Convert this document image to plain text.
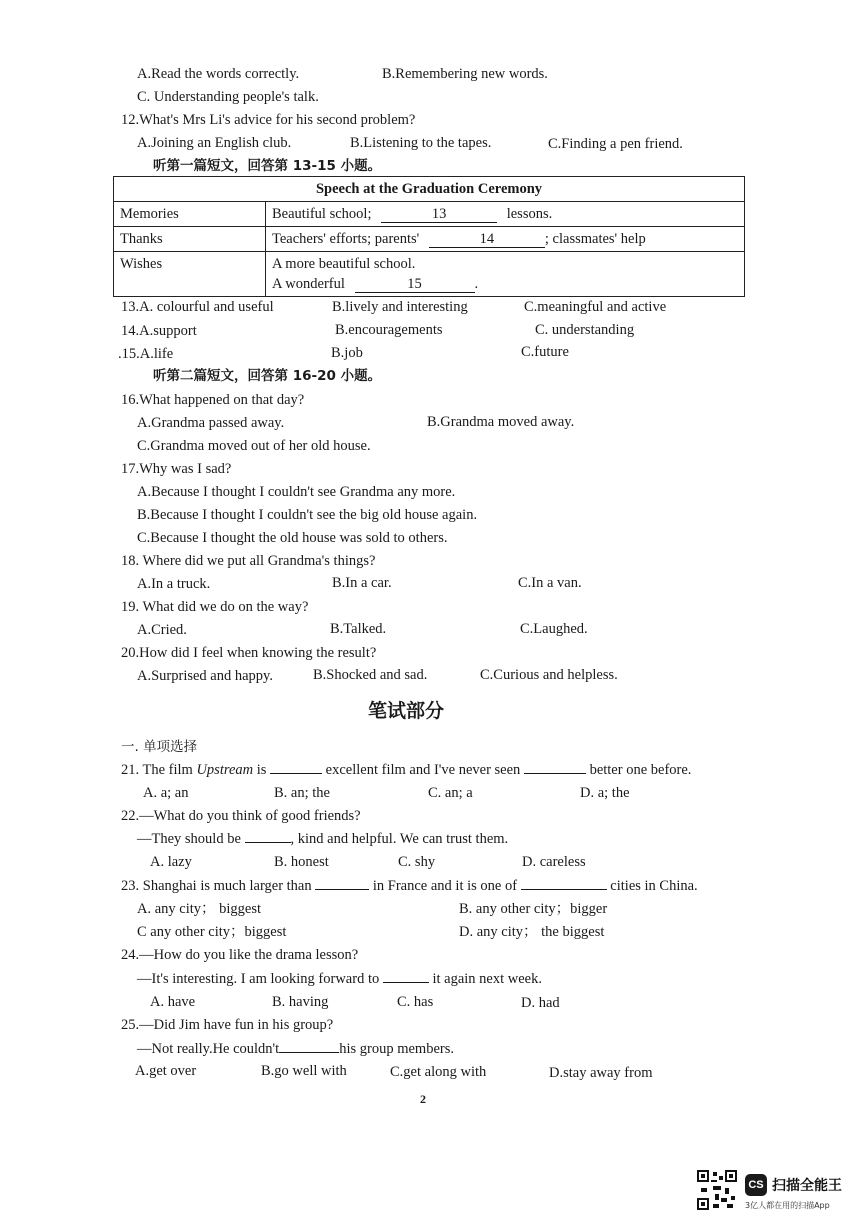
A.Read the words correctly.	B.Remembering new words.
C. Understanding people's talk.
12.What's Mrs Li's advice for his second problem?
A.Joining an English club.	B.Listening to the tapes.	C.Finding a pen friend.
听第一篇短文，回答第 13-15 小题。
Speech at the Graduation Ceremony	
Memories	Beautiful school; 13 lessons.
Thanks	Teachers' efforts; parents' 14 ; classmates' help
Wishes	A more beautiful school.
A wonderful 15 .
13.A. colourful and useful	B.lively and interesting	C.meaningful and active
14.A.support	B.encouragements	C. understanding
.15.A.life	B.job	C.future
听第二篇短文，回答第 16-20 小题。
16.What happened on that day?
A.Grandma passed away.	B.Grandma moved away.
C.Grandma moved out of her old house.
17.Why was I sad?
A.Because I thought I couldn't see Grandma any more.
B.Because I thought I couldn't see the big old house again.
C.Because I thought the old house was sold to others.
18. Where did we put all Grandma's things?
A.In a truck.	B.In a car.	C.In a van.
19. What did we do on the way?
A.Cried.	B.Talked.	C.Laughed.
20.How did I feel when knowing the result?
A.Surprised and happy.	B.Shocked and sad.	C.Curious and helpless.
笔试部分
一. 单项选择
21. The film Upstream is	excellent film and I've never seen	better one before.
A. a; an	B. an; the	C. an; a	D. a; the
22.—What do you think of good friends?
—They should be	, kind and helpful. We can trust them.
A. lazy	B. honest	C. shy	D. careless
23. Shanghai is much larger than	in France and it is one of	cities in China.
A. any city； biggest	B. any other city；bigger
C any other city；biggest	D. any city； the biggest
24.—How do you like the drama lesson?
—It's interesting. I am looking forward to	it again next week.
A. have	B. having	C. has	D. had
25.—Did Jim have fun in his group?
—Not really.He couldn't	his group members.
A.get over	B.go well with	C.get along with	D.stay away from
2
CS 扫描全能王
3亿人都在用的扫描App
